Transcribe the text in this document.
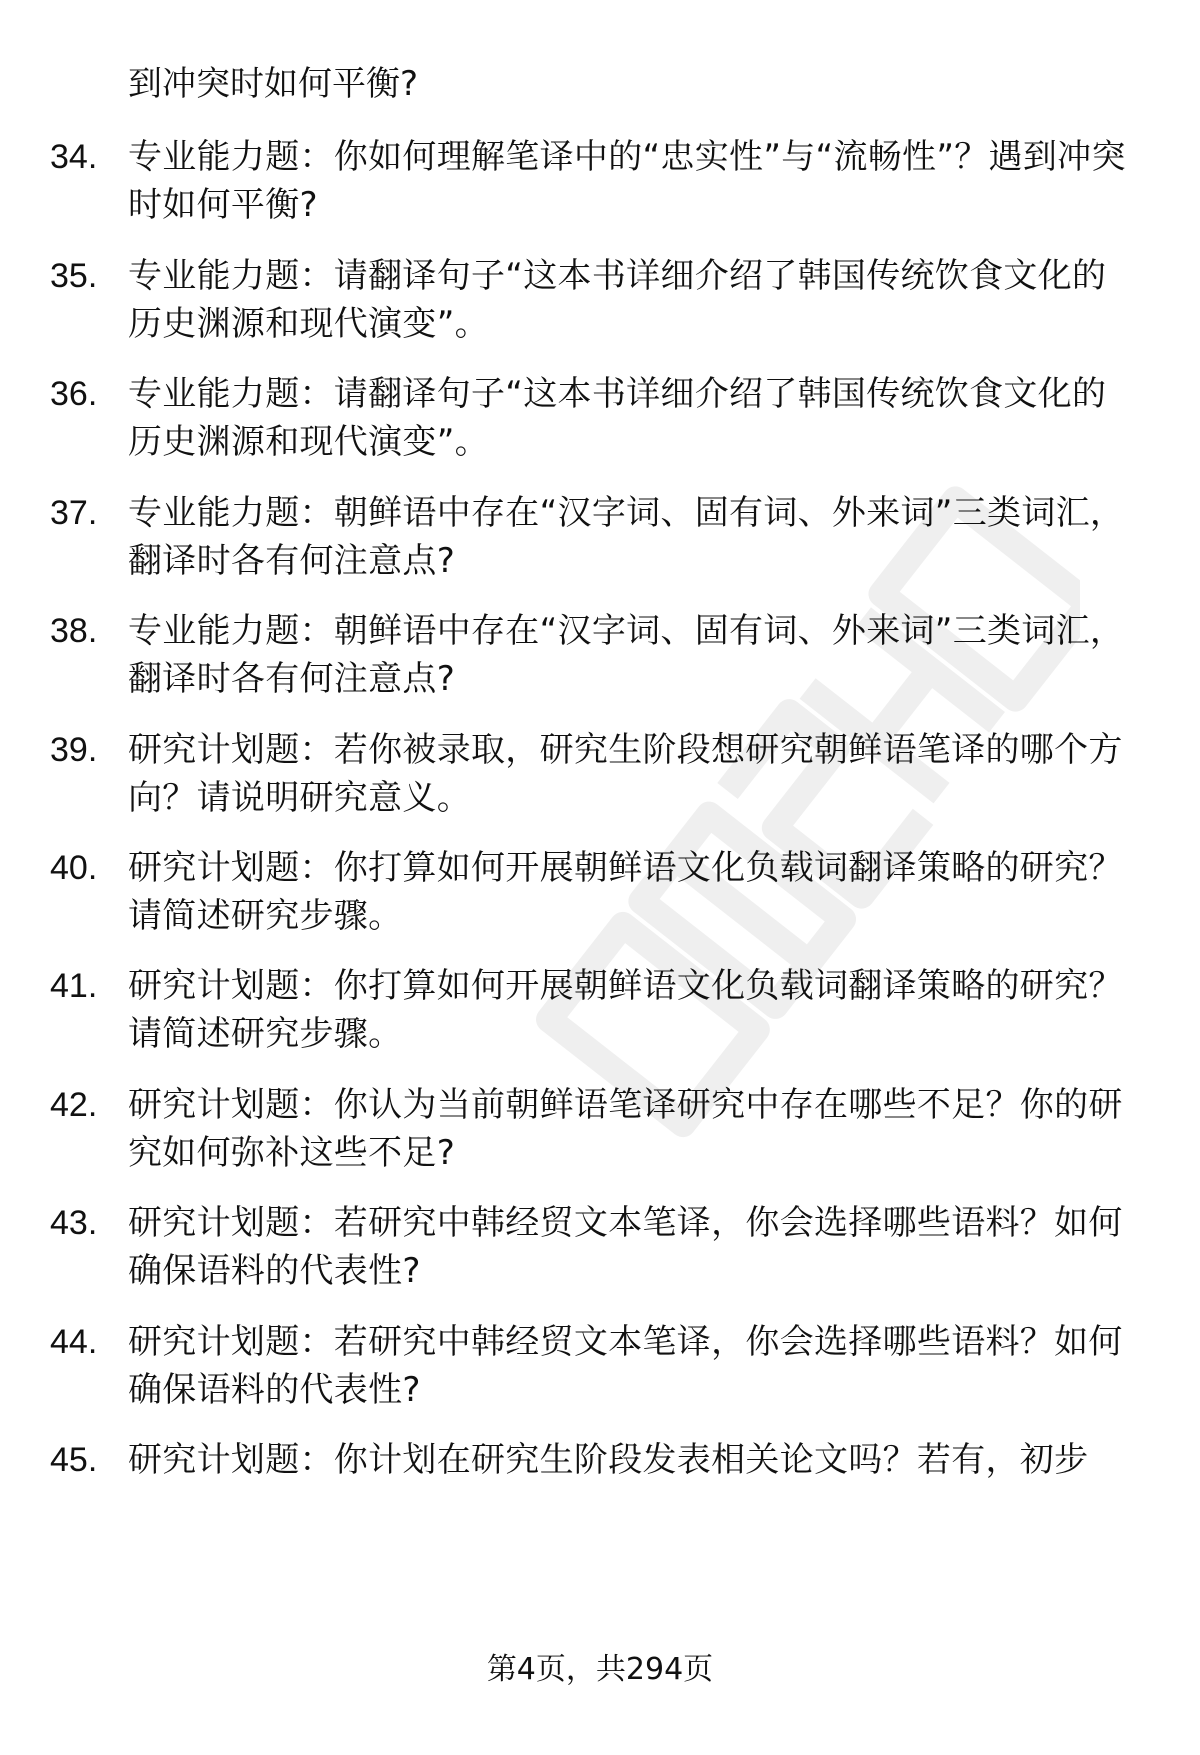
到冲突时如何平衡?
34. 专业能力题：你如何理解笔译中的“忠实性”与“流畅性”？遇到冲突时如何平衡?
35. 专业能力题：请翻译句子“这本书详细介绍了韩国传统饮食文化的历史渊源和现代演变”。
36. 专业能力题：请翻译句子“这本书详细介绍了韩国传统饮食文化的历史渊源和现代演变”。
37. 专业能力题：朝鲜语中存在“汉字词、固有词、外来词”三类词汇，翻译时各有何注意点?
38. 专业能力题：朝鲜语中存在“汉字词、固有词、外来词”三类词汇，翻译时各有何注意点?
39. 研究计划题：若你被录取，研究生阶段想研究朝鲜语笔译的哪个方向？请说明研究意义。
40. 研究计划题：你打算如何开展朝鲜语文化负载词翻译策略的研究？请简述研究步骤。
41. 研究计划题：你打算如何开展朝鲜语文化负载词翻译策略的研究？请简述研究步骤。
42. 研究计划题：你认为当前朝鲜语笔译研究中存在哪些不足？你的研究如何弥补这些不足?
43. 研究计划题：若研究中韩经贸文本笔译，你会选择哪些语料？如何确保语料的代表性?
44. 研究计划题：若研究中韩经贸文本笔译，你会选择哪些语料？如何确保语料的代表性?
45. 研究计划题：你计划在研究生阶段发表相关论文吗？若有，初步
第4页，共294页
